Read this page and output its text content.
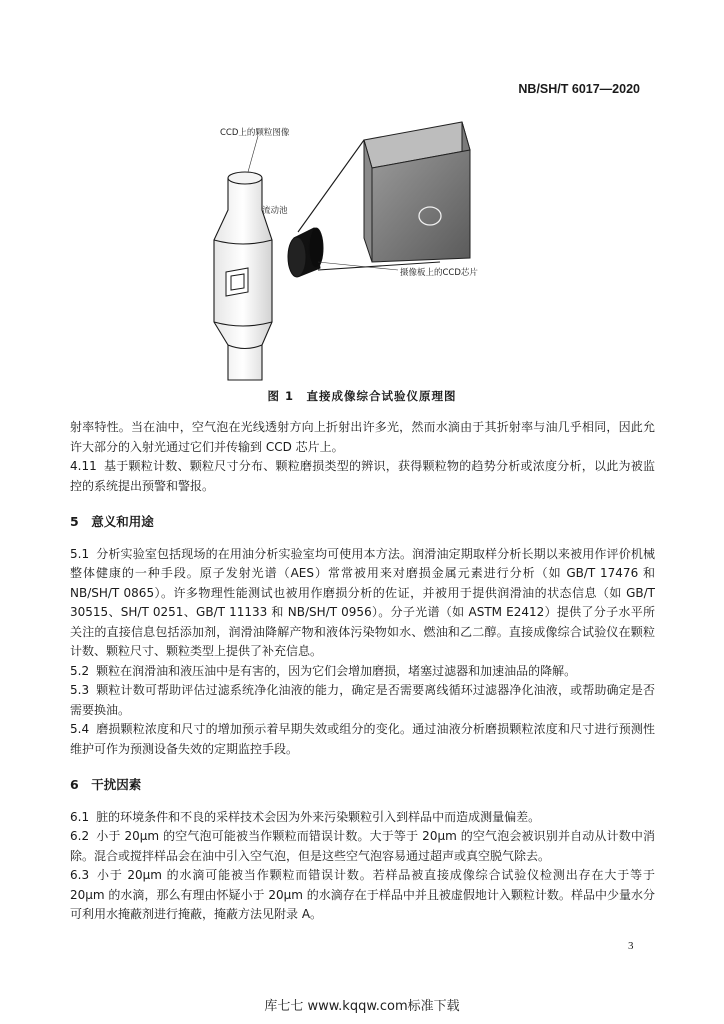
NB/SH/T 6017—2020
CCD上的颗粒图像
流动池
摄像板上的CCD芯片
图 1　直接成像综合试验仪原理图

射率特性。当在油中，空气泡在光线透射方向上折射出许多光，然而水滴由于其折射率与油几乎相同，因此允许大部分的入射光通过它们并传输到 CCD 芯片上。

4.11 基于颗粒计数、颗粒尺寸分布、颗粒磨损类型的辨识，获得颗粒物的趋势分析或浓度分析，以此为被监控的系统提出预警和警报。

5　意义和用途

5.1 分析实验室包括现场的在用油分析实验室均可使用本方法。润滑油定期取样分析长期以来被用作评价机械整体健康的一种手段。原子发射光谱（AES）常常被用来对磨损金属元素进行分析（如 GB/T 17476 和 NB/SH/T 0865）。许多物理性能测试也被用作磨损分析的佐证，并被用于提供润滑油的状态信息（如 GB/T 30515、SH/T 0251、GB/T 11133 和 NB/SH/T 0956）。分子光谱（如 ASTM E2412）提供了分子水平所关注的直接信息包括添加剂，润滑油降解产物和液体污染物如水、燃油和乙二醇。直接成像综合试验仪在颗粒计数、颗粒尺寸、颗粒类型上提供了补充信息。

5.2 颗粒在润滑油和液压油中是有害的，因为它们会增加磨损，堵塞过滤器和加速油品的降解。

5.3 颗粒计数可帮助评估过滤系统净化油液的能力，确定是否需要离线循环过滤器净化油液，或帮助确定是否需要换油。

5.4 磨损颗粒浓度和尺寸的增加预示着早期失效或组分的变化。通过油液分析磨损颗粒浓度和尺寸进行预测性维护可作为预测设备失效的定期监控手段。

6　干扰因素

6.1 脏的环境条件和不良的采样技术会因为外来污染颗粒引入到样品中而造成测量偏差。

6.2 小于 20μm 的空气泡可能被当作颗粒而错误计数。大于等于 20μm 的空气泡会被识别并自动从计数中消除。混合或搅拌样品会在油中引入空气泡，但是这些空气泡容易通过超声或真空脱气除去。

6.3 小于 20μm 的水滴可能被当作颗粒而错误计数。若样品被直接成像综合试验仪检测出存在大于等于 20μm 的水滴，那么有理由怀疑小于 20μm 的水滴存在于样品中并且被虚假地计入颗粒计数。样品中少量水分可利用水掩蔽剂进行掩蔽，掩蔽方法见附录 A。

3
库七七 www.kqqw.com标准下载
